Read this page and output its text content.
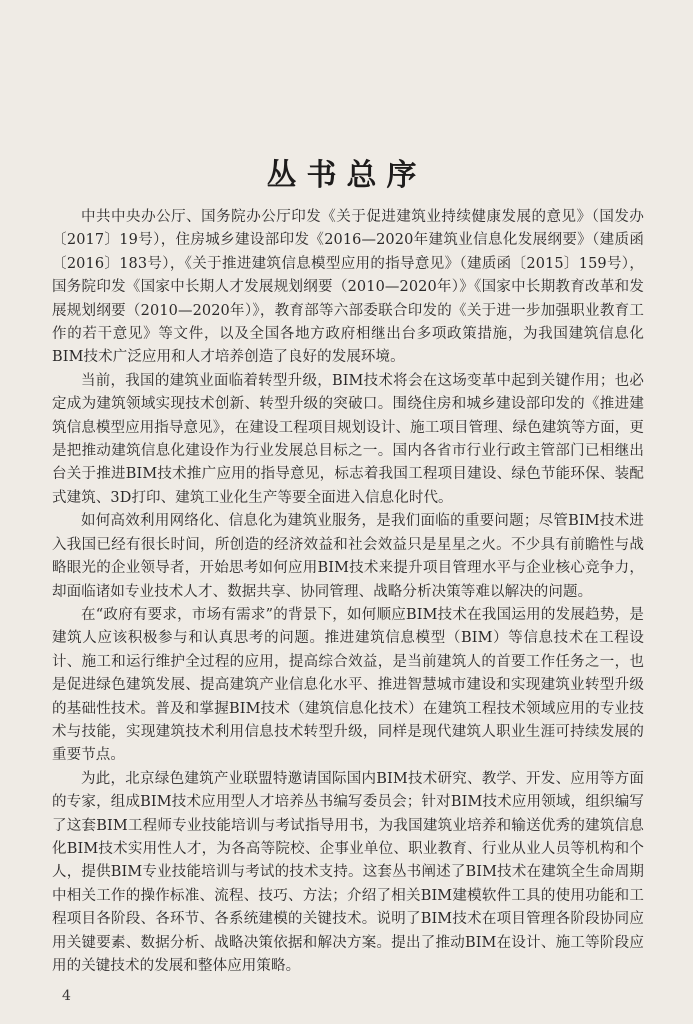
丛书总序

中共中央办公厅、国务院办公厅印发《关于促进建筑业持续健康发展的意见》（国发办〔2017〕19号），住房城乡建设部印发《2016—2020年建筑业信息化发展纲要》（建质函〔2016〕183号），《关于推进建筑信息模型应用的指导意见》（建质函〔2015〕159号），国务院印发《国家中长期人才发展规划纲要（2010—2020年）》《国家中长期教育改革和发展规划纲要（2010—2020年）》，教育部等六部委联合印发的《关于进一步加强职业教育工作的若干意见》等文件，以及全国各地方政府相继出台多项政策措施，为我国建筑信息化BIM技术广泛应用和人才培养创造了良好的发展环境。

当前，我国的建筑业面临着转型升级，BIM技术将会在这场变革中起到关键作用；也必定成为建筑领域实现技术创新、转型升级的突破口。围绕住房和城乡建设部印发的《推进建筑信息模型应用指导意见》，在建设工程项目规划设计、施工项目管理、绿色建筑等方面，更是把推动建筑信息化建设作为行业发展总目标之一。国内各省市行业行政主管部门已相继出台关于推进BIM技术推广应用的指导意见，标志着我国工程项目建设、绿色节能环保、装配式建筑、3D打印、建筑工业化生产等要全面进入信息化时代。

如何高效利用网络化、信息化为建筑业服务，是我们面临的重要问题；尽管BIM技术进入我国已经有很长时间，所创造的经济效益和社会效益只是星星之火。不少具有前瞻性与战略眼光的企业领导者，开始思考如何应用BIM技术来提升项目管理水平与企业核心竞争力，却面临诸如专业技术人才、数据共享、协同管理、战略分析决策等难以解决的问题。

在“政府有要求，市场有需求”的背景下，如何顺应BIM技术在我国运用的发展趋势，是建筑人应该积极参与和认真思考的问题。推进建筑信息模型（BIM）等信息技术在工程设计、施工和运行维护全过程的应用，提高综合效益，是当前建筑人的首要工作任务之一，也是促进绿色建筑发展、提高建筑产业信息化水平、推进智慧城市建设和实现建筑业转型升级的基础性技术。普及和掌握BIM技术（建筑信息化技术）在建筑工程技术领域应用的专业技术与技能，实现建筑技术利用信息技术转型升级，同样是现代建筑人职业生涯可持续发展的重要节点。

为此，北京绿色建筑产业联盟特邀请国际国内BIM技术研究、教学、开发、应用等方面的专家，组成BIM技术应用型人才培养丛书编写委员会；针对BIM技术应用领域，组织编写了这套BIM工程师专业技能培训与考试指导用书，为我国建筑业培养和输送优秀的建筑信息化BIM技术实用性人才，为各高等院校、企事业单位、职业教育、行业从业人员等机构和个人，提供BIM专业技能培训与考试的技术支持。这套丛书阐述了BIM技术在建筑全生命周期中相关工作的操作标准、流程、技巧、方法；介绍了相关BIM建模软件工具的使用功能和工程项目各阶段、各环节、各系统建模的关键技术。说明了BIM技术在项目管理各阶段协同应用关键要素、数据分析、战略决策依据和解决方案。提出了推动BIM在设计、施工等阶段应用的关键技术的发展和整体应用策略。

4
